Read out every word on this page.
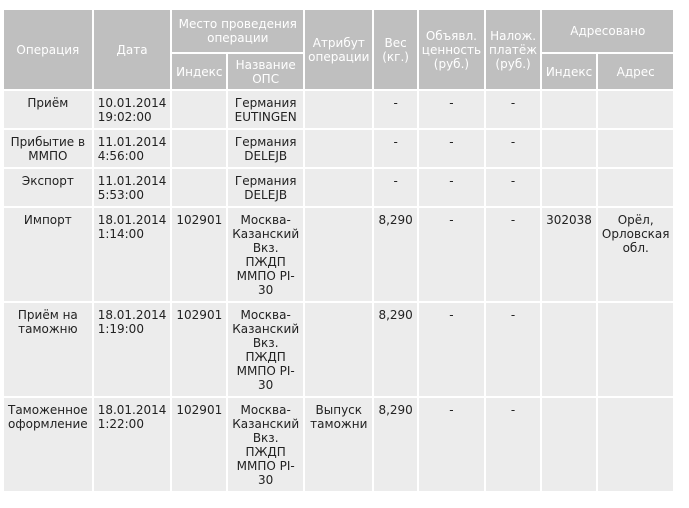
Операция	Дата	Место проведения операции		Атрибут операции	Вес (кг.)	Объявл. ценность (руб.)	Налож. платёж (руб.)	Адресовано	
		Индекс	Название ОПС					Индекс	Адрес
Приём	10.01.2014 19:02:00		Германия EUTINGEN		-	-	-		
Прибытие в ММПО	11.01.2014 4:56:00		Германия DELEJB		-	-	-		
Экспорт	11.01.2014 5:53:00		Германия DELEJB		-	-	-		
Импорт	18.01.2014 1:14:00	102901	Москва-Казанский Вкз. ПЖДП ММПО PI-30		8,290	-	-	302038	Орёл, Орловская обл.
Приём на таможню	18.01.2014 1:19:00	102901	Москва-Казанский Вкз. ПЖДП ММПО PI-30		8,290	-	-		
Таможенное оформление	18.01.2014 1:22:00	102901	Москва-Казанский Вкз. ПЖДП ММПО PI-30	Выпуск таможни	8,290	-	-		
